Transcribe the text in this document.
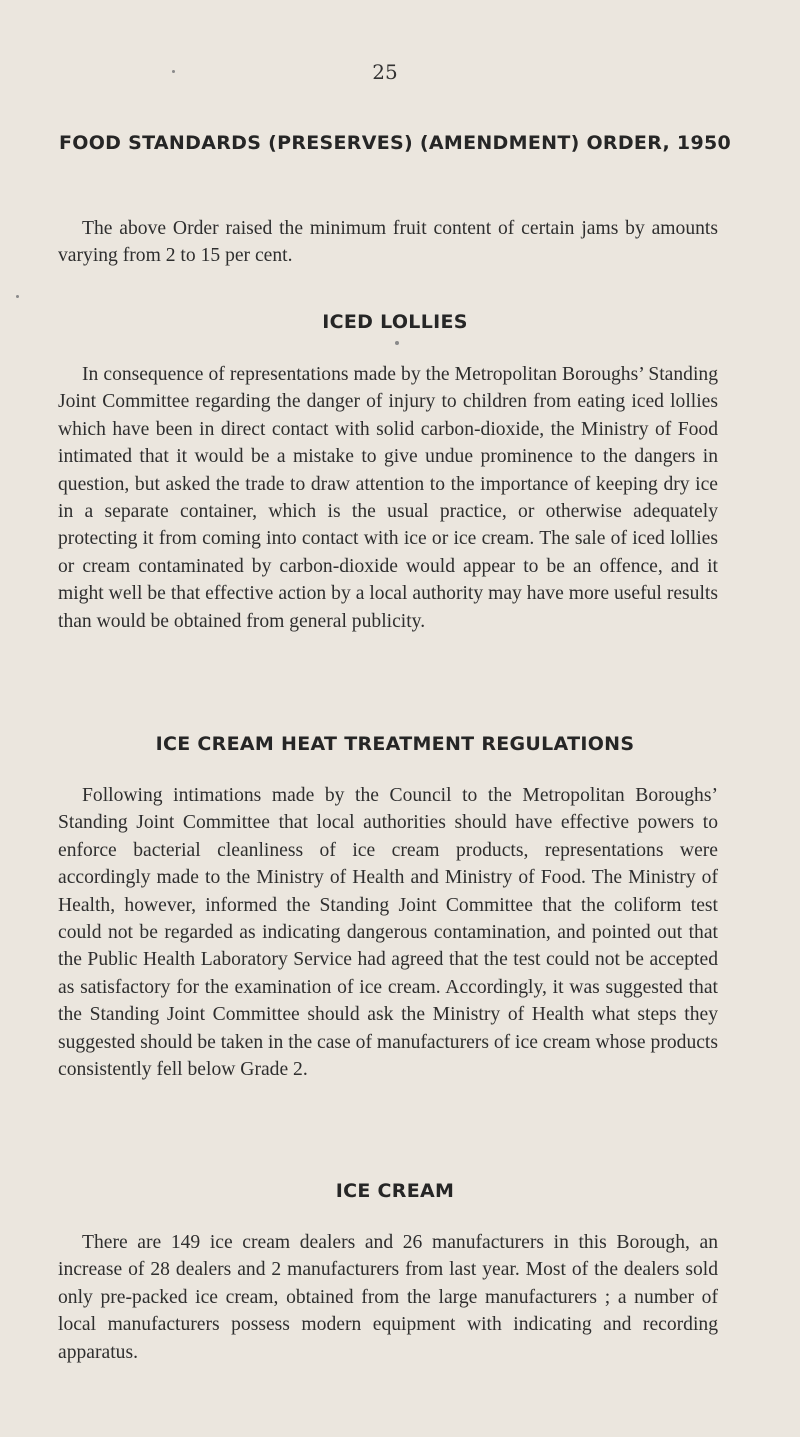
25
FOOD STANDARDS (PRESERVES) (AMENDMENT) ORDER, 1950

The above Order raised the minimum fruit content of certain jams by amounts varying from 2 to 15 per cent.

ICED LOLLIES

In consequence of representations made by the Metropolitan Boroughs’ Standing Joint Committee regarding the danger of injury to children from eating iced lollies which have been in direct contact with solid carbon-dioxide, the Ministry of Food intimated that it would be a mistake to give undue prominence to the dangers in question, but asked the trade to draw attention to the importance of keeping dry ice in a separate container, which is the usual practice, or otherwise adequately protecting it from coming into contact with ice or ice cream. The sale of iced lollies or cream contaminated by carbon-dioxide would appear to be an offence, and it might well be that effective action by a local authority may have more useful results than would be obtained from general publicity.

ICE CREAM HEAT TREATMENT REGULATIONS

Following intimations made by the Council to the Metropolitan Boroughs’ Standing Joint Committee that local authorities should have effective powers to enforce bacterial cleanliness of ice cream products, representations were accordingly made to the Ministry of Health and Ministry of Food. The Ministry of Health, however, informed the Standing Joint Committee that the coliform test could not be regarded as indicating dangerous contamination, and pointed out that the Public Health Laboratory Service had agreed that the test could not be accepted as satisfactory for the examination of ice cream. Accordingly, it was suggested that the Standing Joint Committee should ask the Ministry of Health what steps they suggested should be taken in the case of manufacturers of ice cream whose products consistently fell below Grade 2.

ICE CREAM

There are 149 ice cream dealers and 26 manufacturers in this Borough, an increase of 28 dealers and 2 manufacturers from last year. Most of the dealers sold only pre-packed ice cream, obtained from the large manufacturers ; a number of local manufacturers possess modern equipment with indicating and recording apparatus.
